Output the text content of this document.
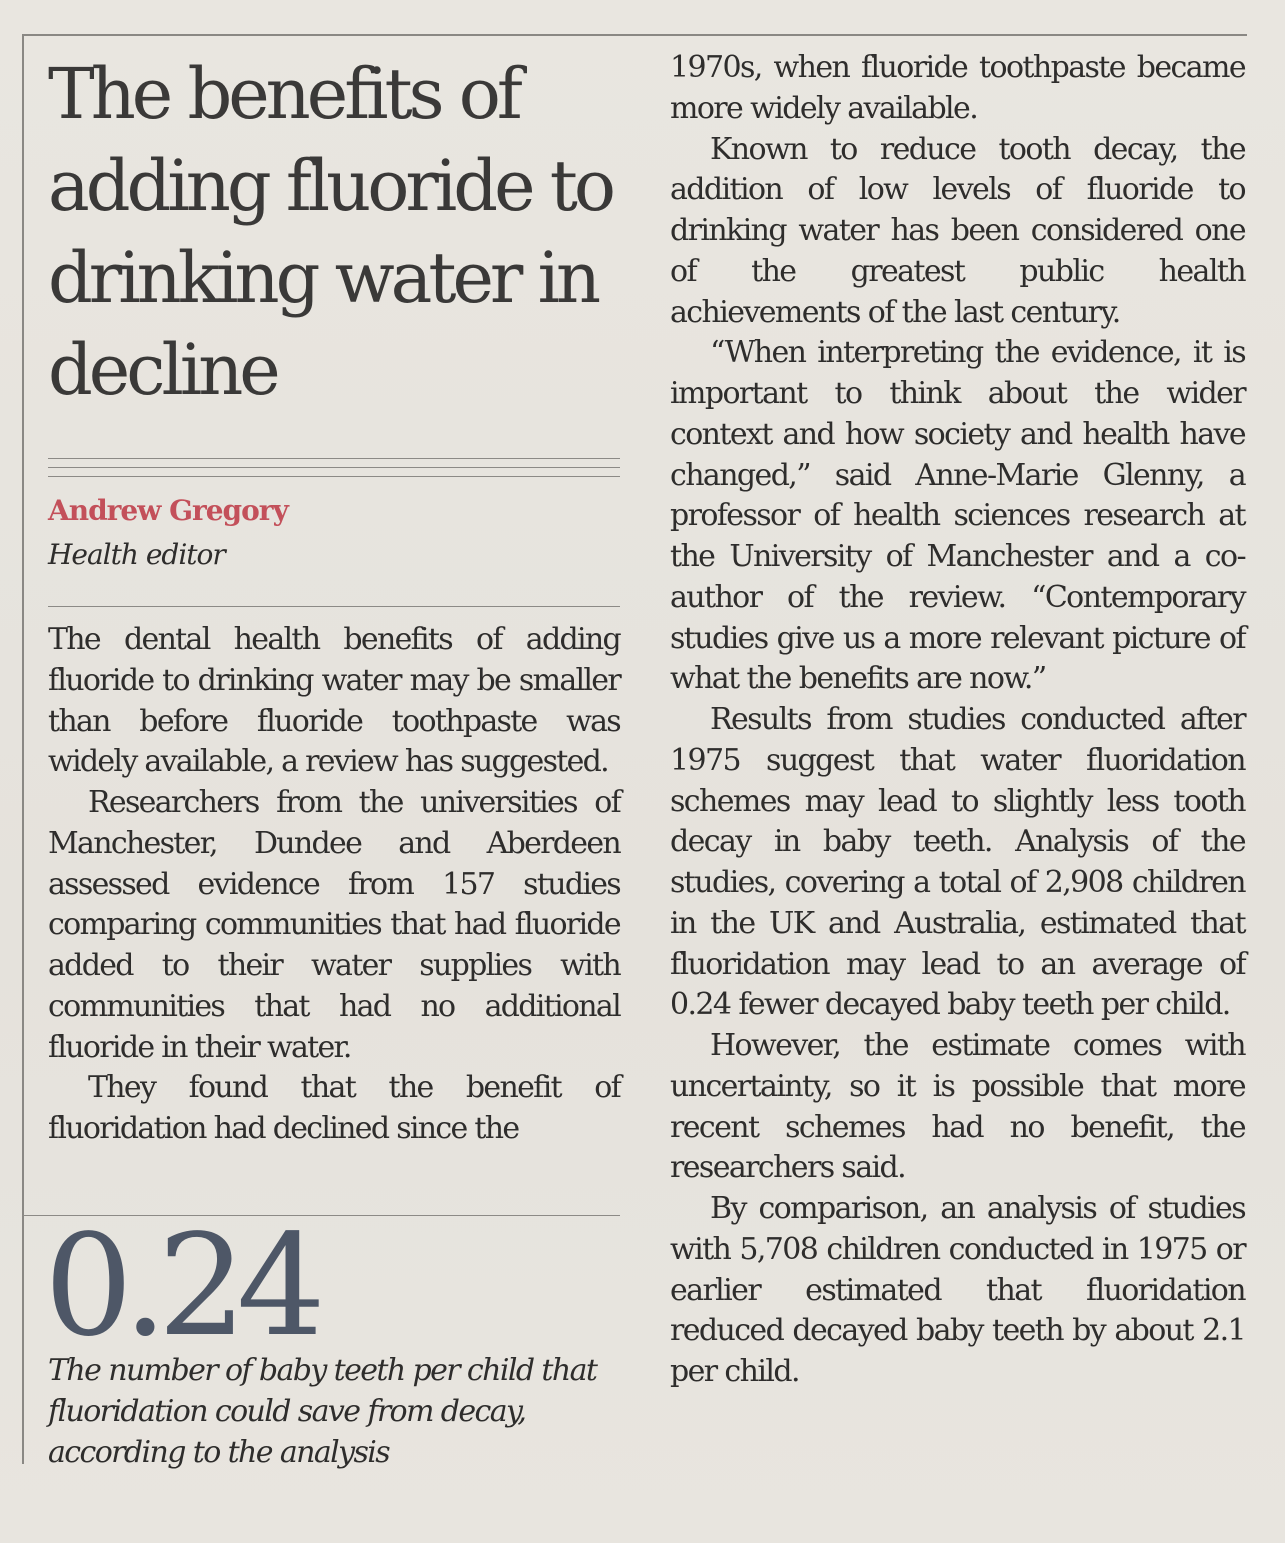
The benefits of adding fluoride to drinking water in decline
Andrew Gregory
Health editor

The dental health benefits of adding fluoride to drinking water may be smaller than before fluoride toothpaste was widely available, a review has suggested.

Researchers from the universities of Manchester, Dundee and Aberdeen assessed evidence from 157 studies comparing communities that had fluoride added to their water supplies with communities that had no additional fluoride in their water.

They found that the benefit of fluoridation had declined since the

0.24

The number of baby teeth per child that fluoridation could save from decay, according to the analysis

1970s, when fluoride toothpaste became more widely available.

Known to reduce tooth decay, the addition of low levels of fluoride to drinking water has been considered one of the greatest public health achievements of the last century.

“When interpreting the evidence, it is important to think about the wider context and how society and health have changed,” said Anne-Marie Glenny, a professor of health sciences research at the University of Manchester and a co-author of the review. “Contemporary studies give us a more relevant picture of what the benefits are now.”

Results from studies conducted after 1975 suggest that water fluoridation schemes may lead to slightly less tooth decay in baby teeth. Analysis of the studies, covering a total of 2,908 children in the UK and Australia, estimated that fluoridation may lead to an average of 0.24 fewer decayed baby teeth per child.

However, the estimate comes with uncertainty, so it is possible that more recent schemes had no benefit, the researchers said.

By comparison, an analysis of studies with 5,708 children conducted in 1975 or earlier estimated that fluoridation reduced decayed baby teeth by about 2.1 per child.
